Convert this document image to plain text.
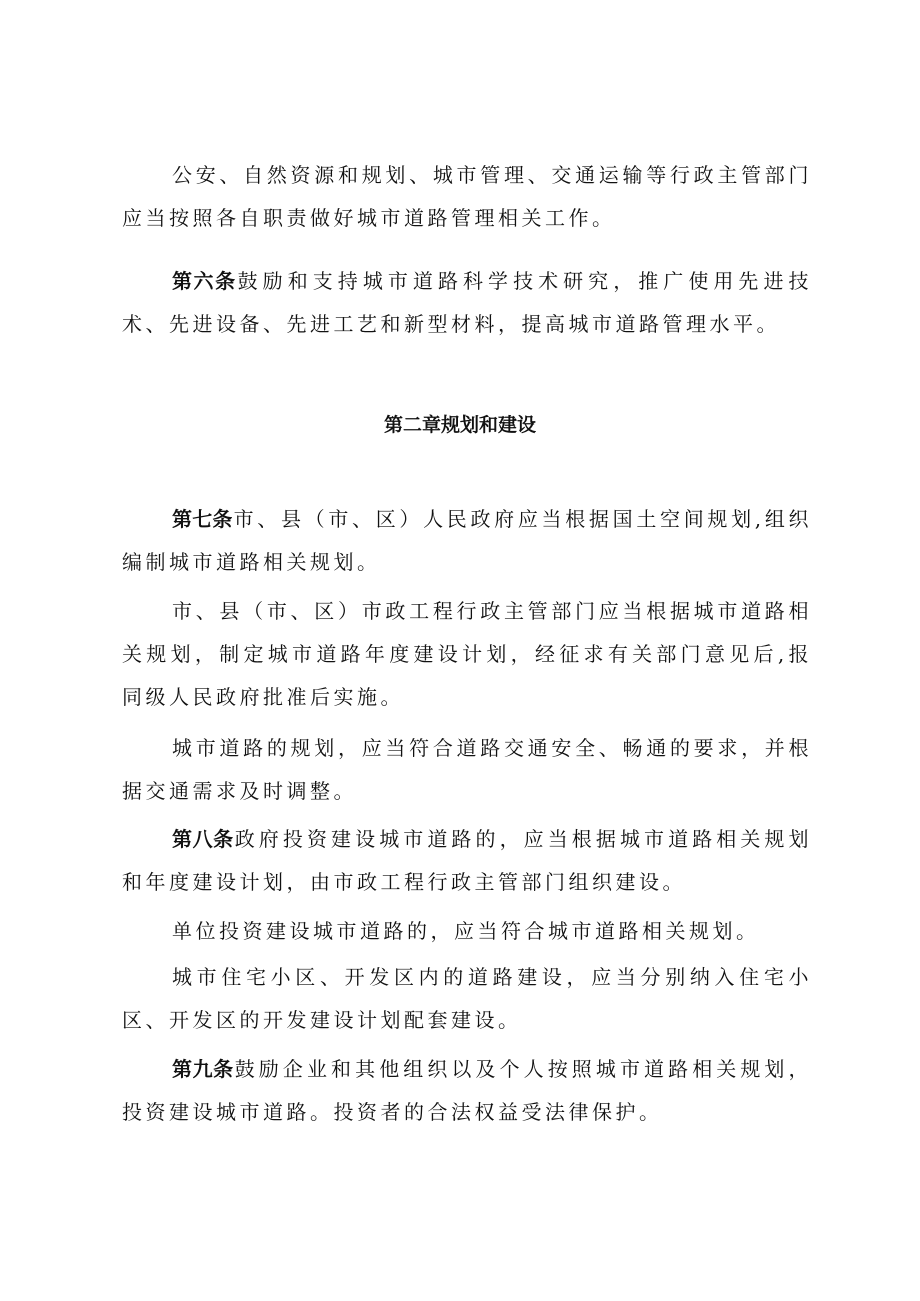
公安、自然资源和规划、城市管理、交通运输等行政主管部门应当按照各自职责做好城市道路管理相关工作。

第六条鼓励和支持城市道路科学技术研究，推广使用先进技术、先进设备、先进工艺和新型材料，提高城市道路管理水平。

第二章规划和建设

第七条市、县（市、区）人民政府应当根据国土空间规划,组织编制城市道路相关规划。

市、县（市、区）市政工程行政主管部门应当根据城市道路相关规划，制定城市道路年度建设计划，经征求有关部门意见后,报同级人民政府批准后实施。

城市道路的规划，应当符合道路交通安全、畅通的要求，并根据交通需求及时调整。

第八条政府投资建设城市道路的，应当根据城市道路相关规划和年度建设计划，由市政工程行政主管部门组织建设。

单位投资建设城市道路的，应当符合城市道路相关规划。

城市住宅小区、开发区内的道路建设，应当分别纳入住宅小区、开发区的开发建设计划配套建设。

第九条鼓励企业和其他组织以及个人按照城市道路相关规划，投资建设城市道路。投资者的合法权益受法律保护。
